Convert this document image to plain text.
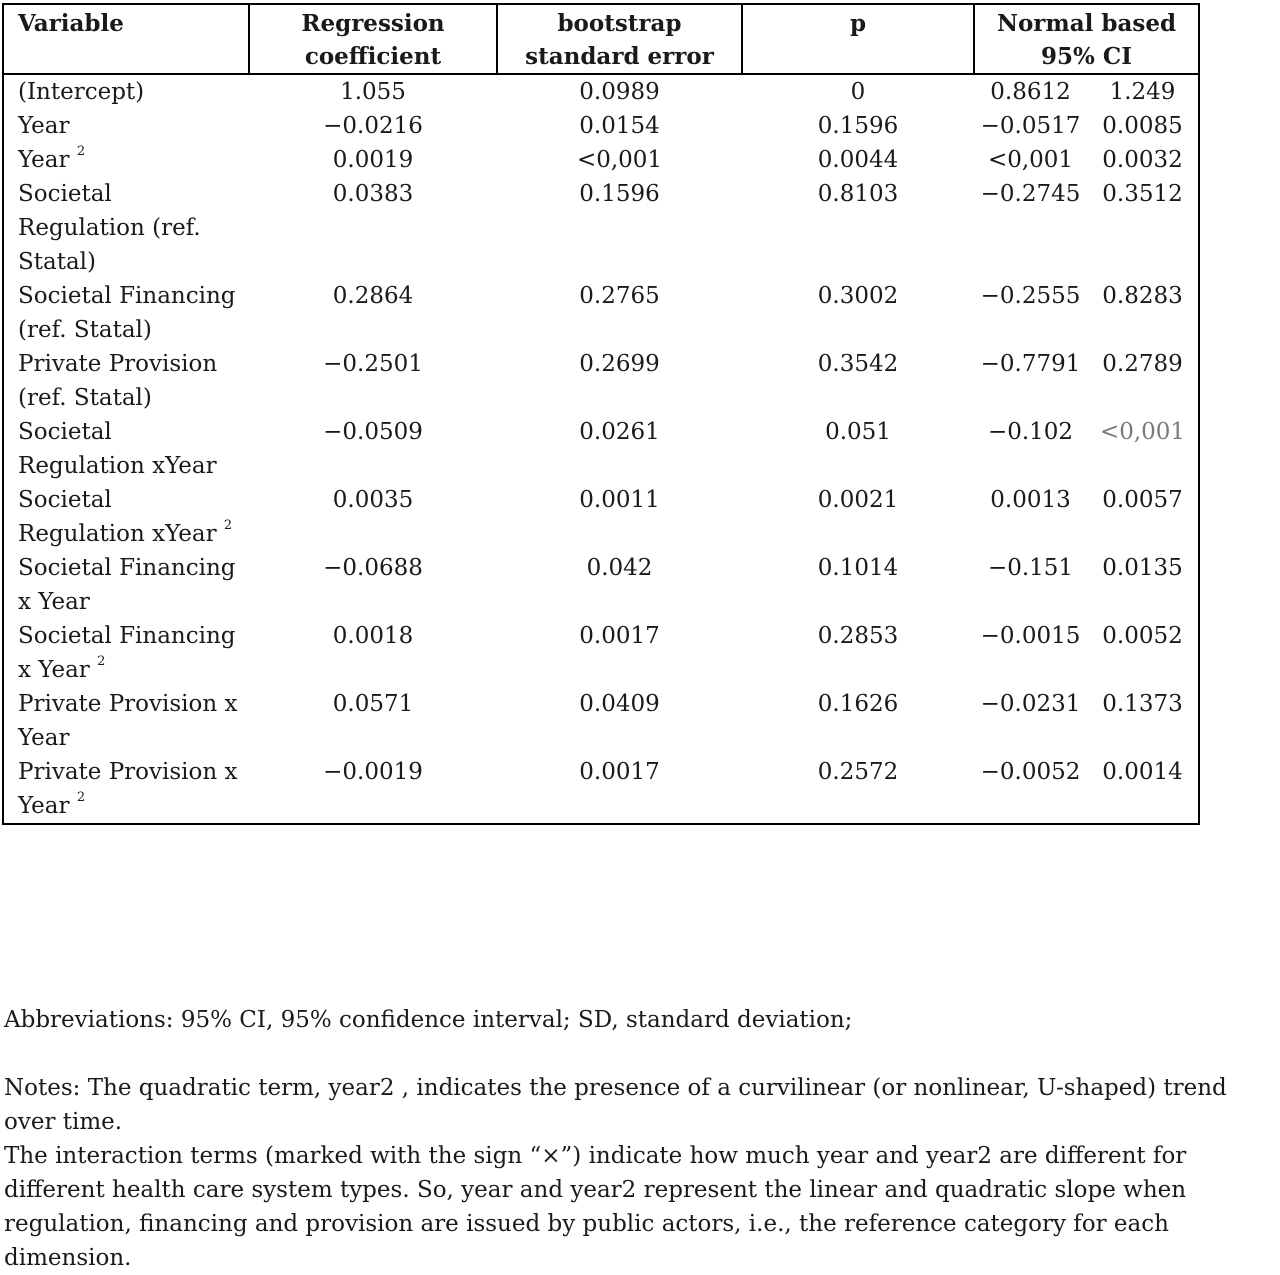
Variable	Regression coefficient	bootstrap standard error	p	Normal based 95% CI	
(Intercept)	1.055	0.0989	0	0.8612	1.249
Year	−0.0216	0.0154	0.1596	−0.0517	0.0085
Year $^2$	0.0019	<0,001	0.0044	<0,001	0.0032
Societal Regulation (ref. Statal)	0.0383	0.1596	0.8103	−0.2745	0.3512
Societal Financing (ref. Statal)	0.2864	0.2765	0.3002	−0.2555	0.8283
Private Provision (ref. Statal)	−0.2501	0.2699	0.3542	−0.7791	0.2789
Societal Regulation xYear	−0.0509	0.0261	0.051	−0.102	<0,001
Societal Regulation xYear $^2$	0.0035	0.0011	0.0021	0.0013	0.0057
Societal Financing x Year	−0.0688	0.042	0.1014	−0.151	0.0135
Societal Financing x Year $^2$	0.0018	0.0017	0.2853	−0.0015	0.0052
Private Provision x Year	0.0571	0.0409	0.1626	−0.0231	0.1373
Private Provision x Year $^2$	−0.0019	0.0017	0.2572	−0.0052	0.0014

Abbreviations: 95% CI, 95% confidence interval; SD, standard deviation;

Notes: The quadratic term, year2 , indicates the presence of a curvilinear (or nonlinear, U-shaped) trend over time.
The interaction terms (marked with the sign “×”) indicate how much year and year2 are different for different health care system types. So, year and year2 represent the linear and quadratic slope when regulation, financing and provision are issued by public actors, i.e., the reference category for each dimension.
